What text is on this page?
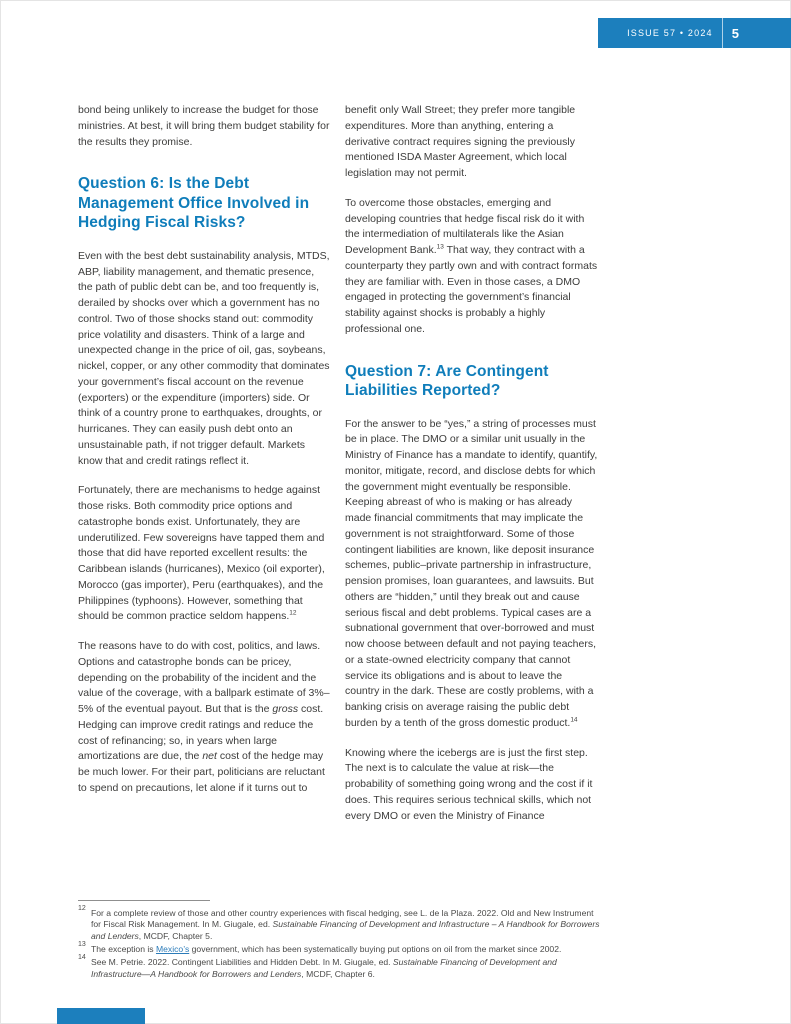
ISSUE 57 • 2024 5

bond being unlikely to increase the budget for those ministries. At best, it will bring them budget stability for the results they promise.

Question 6: Is the Debt Management Office Involved in Hedging Fiscal Risks?

Even with the best debt sustainability analysis, MTDS, ABP, liability management, and thematic presence, the path of public debt can be, and too frequently is, derailed by shocks over which a government has no control. Two of those shocks stand out: commodity price volatility and disasters. Think of a large and unexpected change in the price of oil, gas, soybeans, nickel, copper, or any other commodity that dominates your government’s fiscal account on the revenue (exporters) or the expenditure (importers) side. Or think of a country prone to earthquakes, droughts, or hurricanes. They can easily push debt onto an unsustainable path, if not trigger default. Markets know that and credit ratings reflect it.

Fortunately, there are mechanisms to hedge against those risks. Both commodity price options and catastrophe bonds exist. Unfortunately, they are underutilized. Few sovereigns have tapped them and those that did have reported excellent results: the Caribbean islands (hurricanes), Mexico (oil exporter), Morocco (gas importer), Peru (earthquakes), and the Philippines (typhoons). However, something that should be common practice seldom happens.$^{12}$

The reasons have to do with cost, politics, and laws. Options and catastrophe bonds can be pricey, depending on the probability of the incident and the value of the coverage, with a ballpark estimate of 3%–5% of the eventual payout. But that is the gross cost. Hedging can improve credit ratings and reduce the cost of refinancing; so, in years when large amortizations are due, the net cost of the hedge may be much lower. For their part, politicians are reluctant to spend on precautions, let alone if it turns out to

benefit only Wall Street; they prefer more tangible expenditures. More than anything, entering a derivative contract requires signing the previously mentioned ISDA Master Agreement, which local legislation may not permit.

To overcome those obstacles, emerging and developing countries that hedge fiscal risk do it with the intermediation of multilaterals like the Asian Development Bank.$^{13}$ That way, they contract with a counterparty they partly own and with contract formats they are familiar with. Even in those cases, a DMO engaged in protecting the government’s financial stability against shocks is probably a highly professional one.

Question 7: Are Contingent Liabilities Reported?

For the answer to be “yes,” a string of processes must be in place. The DMO or a similar unit usually in the Ministry of Finance has a mandate to identify, quantify, monitor, mitigate, record, and disclose debts for which the government might eventually be responsible. Keeping abreast of who is making or has already made financial commitments that may implicate the government is not straightforward. Some of those contingent liabilities are known, like deposit insurance schemes, public–private partnership in infrastructure, pension promises, loan guarantees, and lawsuits. But others are “hidden,” until they break out and cause serious fiscal and debt problems. Typical cases are a subnational government that over-borrowed and must now choose between default and not paying teachers, or a state-owned electricity company that cannot service its obligations and is about to leave the country in the dark. These are costly problems, with a banking crisis on average raising the public debt burden by a tenth of the gross domestic product.$^{14}$

Knowing where the icebergs are is just the first step. The next is to calculate the value at risk—the probability of something going wrong and the cost if it does. This requires serious technical skills, which not every DMO or even the Ministry of Finance

12 For a complete review of those and other country experiences with fiscal hedging, see L. de la Plaza. 2022. Old and New Instrument for Fiscal Risk Management. In M. Giugale, ed. Sustainable Financing of Development and Infrastructure – A Handbook for Borrowers and Lenders, MCDF, Chapter 5.
13 The exception is Mexico’s government, which has been systematically buying put options on oil from the market since 2002.
14 See M. Petrie. 2022. Contingent Liabilities and Hidden Debt. In M. Giugale, ed. Sustainable Financing of Development and Infrastructure—A Handbook for Borrowers and Lenders, MCDF, Chapter 6.
